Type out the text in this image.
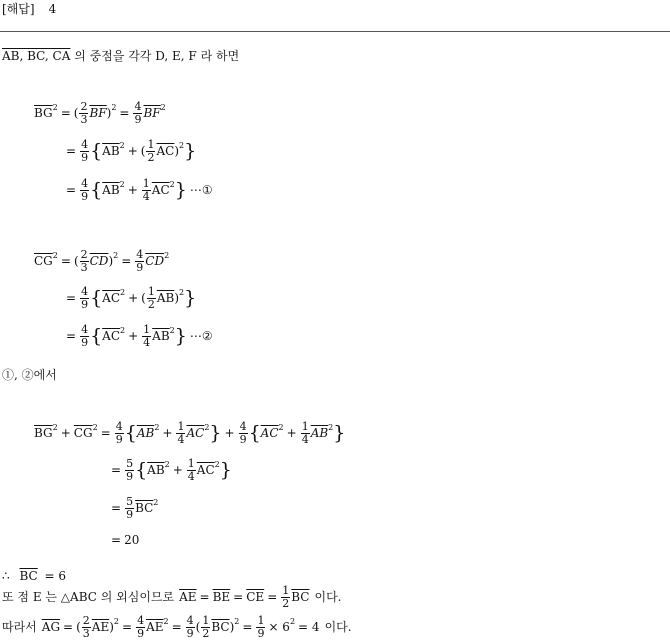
[해답] 4
AB, BC, CA 의 중점을 각각 D, E, F 라 하면
$\overline{BG}^2$ = ( $\frac{2}{3} \overline{BF}$ )$^2 = \frac{4}{9} \overline{BF}^2$
= $\frac{4}{9}$ { $\overline{AB}^2$ + ( $\frac{1}{2} \overline{AC}$ )$^2$ }
= $\frac{4}{9}$ { $\overline{AB}^2 + \frac{1}{4} \overline{AC}^2$ } ⋯①
$\overline{CG}^2$ = ( $\frac{2}{3} \overline{CD}$ )$^2 = \frac{4}{9} \overline{CD}^2$
= $\frac{4}{9}$ { $\overline{AC}^2$ + ( $\frac{1}{2} \overline{AB}$ )$^2$ }
= $\frac{4}{9}$ { $\overline{AC}^2 + \frac{1}{4} \overline{AB}^2$ } ⋯②
①, ②에서
$\overline{BG}^2 + \overline{CG}^2 = \frac{4}{9}$ { $\overline{AB}^2 + \frac{1}{4} \overline{AC}^2$ } + $\frac{4}{9}$ { $\overline{AC}^2 + \frac{1}{4} \overline{AB}^2$ }
= $\frac{5}{9}$ { $\overline{AB}^2 + \frac{1}{4} \overline{AC}^2$ }
= $\frac{5}{9} \overline{BC}^2$
= 20
∴ $\overline{BC} = 6$
또 점 E 는 △ABC 의 외심이므로 $\overline{AE} = \overline{BE} = \overline{CE} = \frac{1}{2} \overline{BC}$ 이다.
따라서 $\overline{AG}$ = ( $\frac{2}{3} \overline{AE}$ )$^2 = \frac{4}{9} \overline{AE}^2 = \frac{4}{9}$ ( $\frac{1}{2} \overline{BC}$ )$^2 = \frac{1}{9} \times 6^2 = 4$ 이다.
